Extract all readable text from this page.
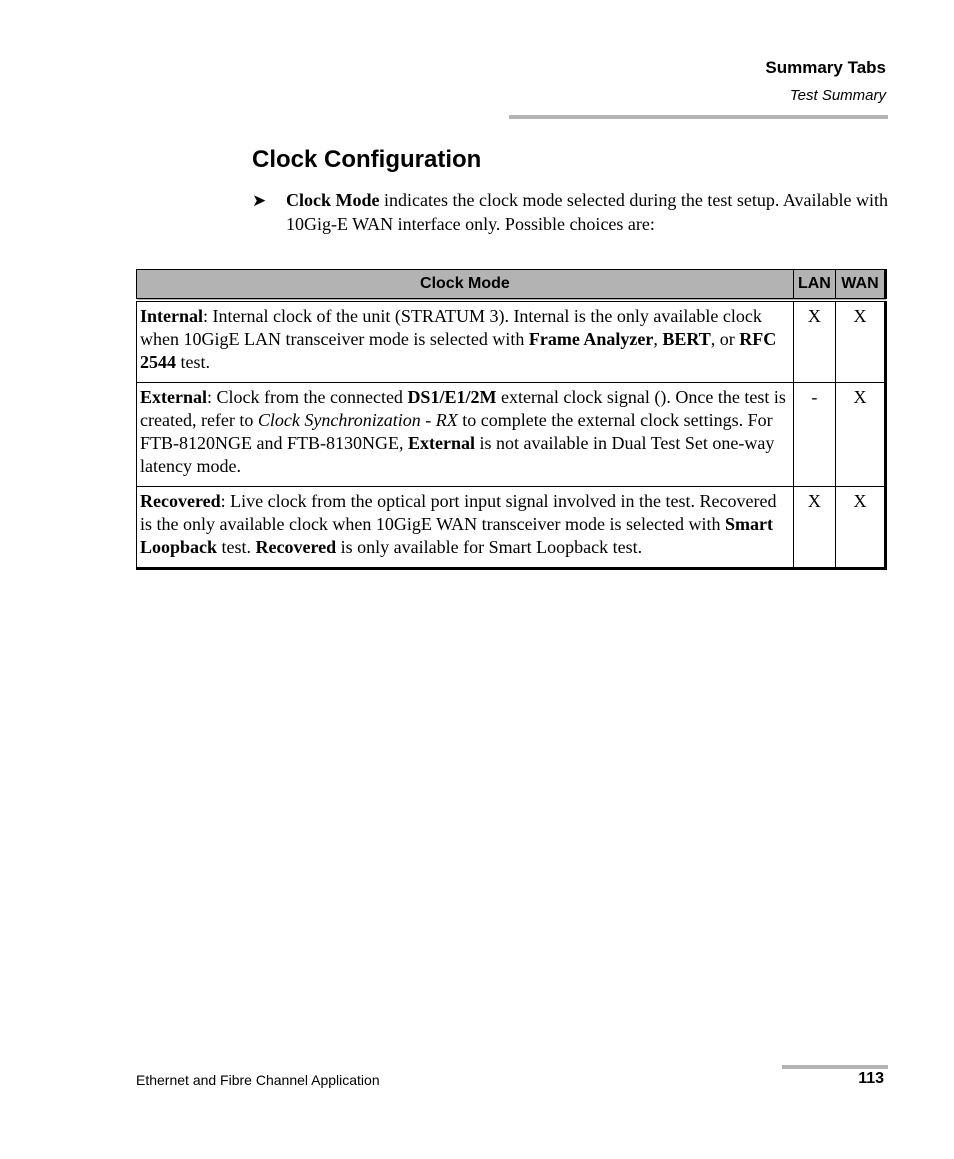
Summary Tabs
Test Summary
Clock Configuration
➤ Clock Mode indicates the clock mode selected during the test setup. Available with 10Gig-E WAN interface only. Possible choices are:
Clock Mode	LAN	WAN
Internal: Internal clock of the unit (STRATUM 3). Internal is the only available clock when 10GigE LAN transceiver mode is selected with Frame Analyzer, BERT, or RFC 2544 test.	X	X
External: Clock from the connected DS1/E1/2M external clock signal (). Once the test is created, refer to Clock Synchronization - RX to complete the external clock settings. For FTB-8120NGE and FTB-8130NGE, External is not available in Dual Test Set one-way latency mode.	-	X
Recovered: Live clock from the optical port input signal involved in the test. Recovered is the only available clock when 10GigE WAN transceiver mode is selected with Smart Loopback test. Recovered is only available for Smart Loopback test.	X	X
Ethernet and Fibre Channel Application	113
